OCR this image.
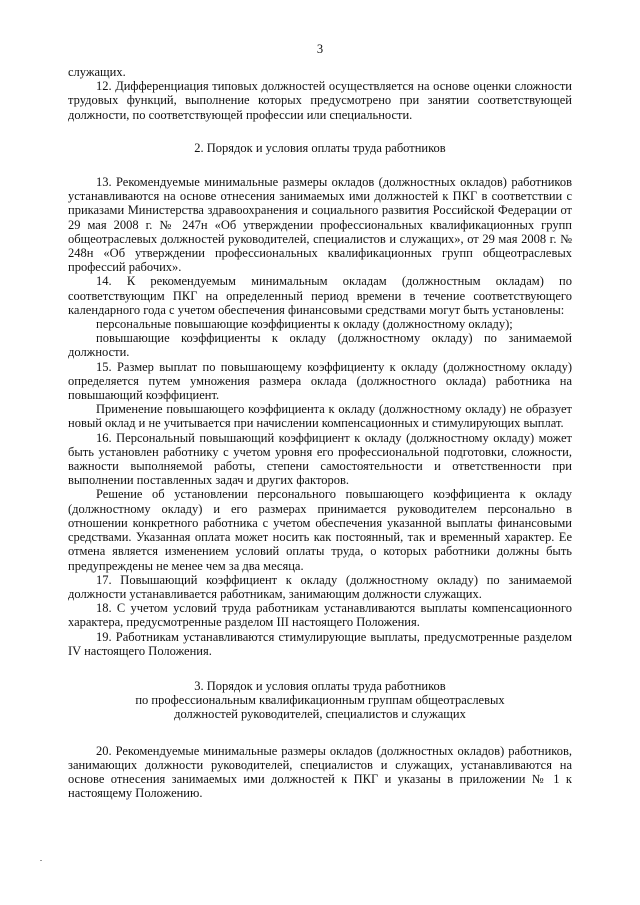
3

служащих.

12. Дифференциация типовых должностей осуществляется на основе оценки сложности трудовых функций, выполнение которых предусмотрено при занятии соответствующей должности, по соответствующей профессии или специальности.

2. Порядок и условия оплаты труда работников

13. Рекомендуемые минимальные размеры окладов (должностных окладов) работников устанавливаются на основе отнесения занимаемых ими должностей к ПКГ в соответствии с приказами Министерства здравоохранения и социального развития Российской Федерации от 29 мая 2008 г. № 247н «Об утверждении профессиональных квалификационных групп общеотраслевых должностей руководителей, специалистов и служащих», от 29 мая 2008 г. № 248н «Об утверждении профессиональных квалификационных групп общеотраслевых профессий рабочих».

14. К рекомендуемым минимальным окладам (должностным окладам) по соответствующим ПКГ на определенный период времени в течение соответствующего календарного года с учетом обеспечения финансовыми средствами могут быть установлены:

персональные повышающие коэффициенты к окладу (должностному окладу);

повышающие коэффициенты к окладу (должностному окладу) по занимаемой должности.

15. Размер выплат по повышающему коэффициенту к окладу (должностному окладу) определяется путем умножения размера оклада (должностного оклада) работника на повышающий коэффициент.

Применение повышающего коэффициента к окладу (должностному окладу) не образует новый оклад и не учитывается при начислении компенсационных и стимулирующих выплат.

16. Персональный повышающий коэффициент к окладу (должностному окладу) может быть установлен работнику с учетом уровня его профессиональной подготовки, сложности, важности выполняемой работы, степени самостоятельности и ответственности при выполнении поставленных задач и других факторов.

Решение об установлении персонального повышающего коэффициента к окладу (должностному окладу) и его размерах принимается руководителем персонально в отношении конкретного работника с учетом обеспечения указанной выплаты финансовыми средствами. Указанная оплата может носить как постоянный, так и временный характер. Ее отмена является изменением условий оплаты труда, о которых работники должны быть предупреждены не менее чем за два месяца.

17. Повышающий коэффициент к окладу (должностному окладу) по занимаемой должности устанавливается работникам, занимающим должности служащих.

18. С учетом условий труда работникам устанавливаются выплаты компенсационного характера, предусмотренные разделом III настоящего Положения.

19. Работникам устанавливаются стимулирующие выплаты, предусмотренные разделом IV настоящего Положения.

3. Порядок и условия оплаты труда работников
по профессиональным квалификационным группам общеотраслевых
должностей руководителей, специалистов и служащих

20. Рекомендуемые минимальные размеры окладов (должностных окладов) работников, занимающих должности руководителей, специалистов и служащих, устанавливаются на основе отнесения занимаемых ими должностей к ПКГ и указаны в приложении № 1 к настоящему Положению.
